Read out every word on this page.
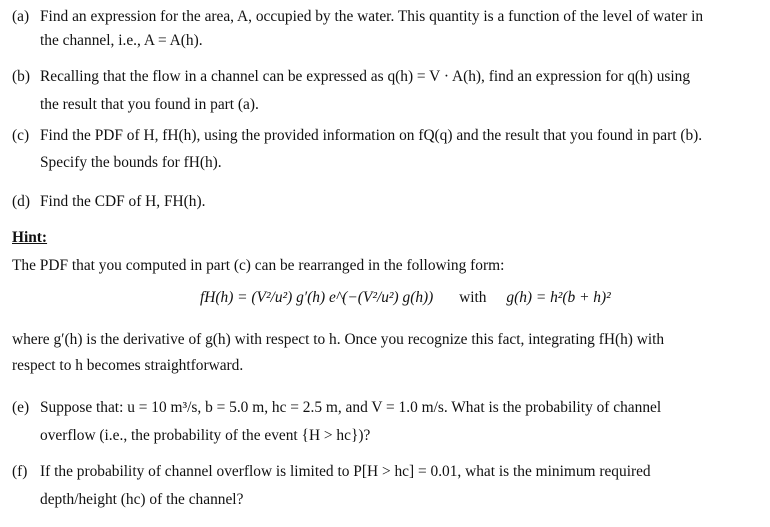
(a) Find an expression for the area, A, occupied by the water. This quantity is a function of the level of water in
the channel, i.e., A = A(h).
(b) Recalling that the flow in a channel can be expressed as q(h) = V · A(h), find an expression for q(h) using
the result that you found in part (a).
(c) Find the PDF of H, fH(h), using the provided information on fQ(q) and the result that you found in part (b).
Specify the bounds for fH(h).
(d) Find the CDF of H, FH(h).
Hint:
The PDF that you computed in part (c) can be rearranged in the following form:
fH(h) = (V²/u²) g′(h) e^(−(V²/u²) g(h)) with g(h) = h²(b + h)²
where g′(h) is the derivative of g(h) with respect to h. Once you recognize this fact, integrating fH(h) with
respect to h becomes straightforward.
(e) Suppose that: u = 10 m³/s, b = 5.0 m, hc = 2.5 m, and V = 1.0 m/s. What is the probability of channel
overflow (i.e., the probability of the event {H > hc})?
(f) If the probability of channel overflow is limited to P[H > hc] = 0.01, what is the minimum required
depth/height (hc) of the channel?
